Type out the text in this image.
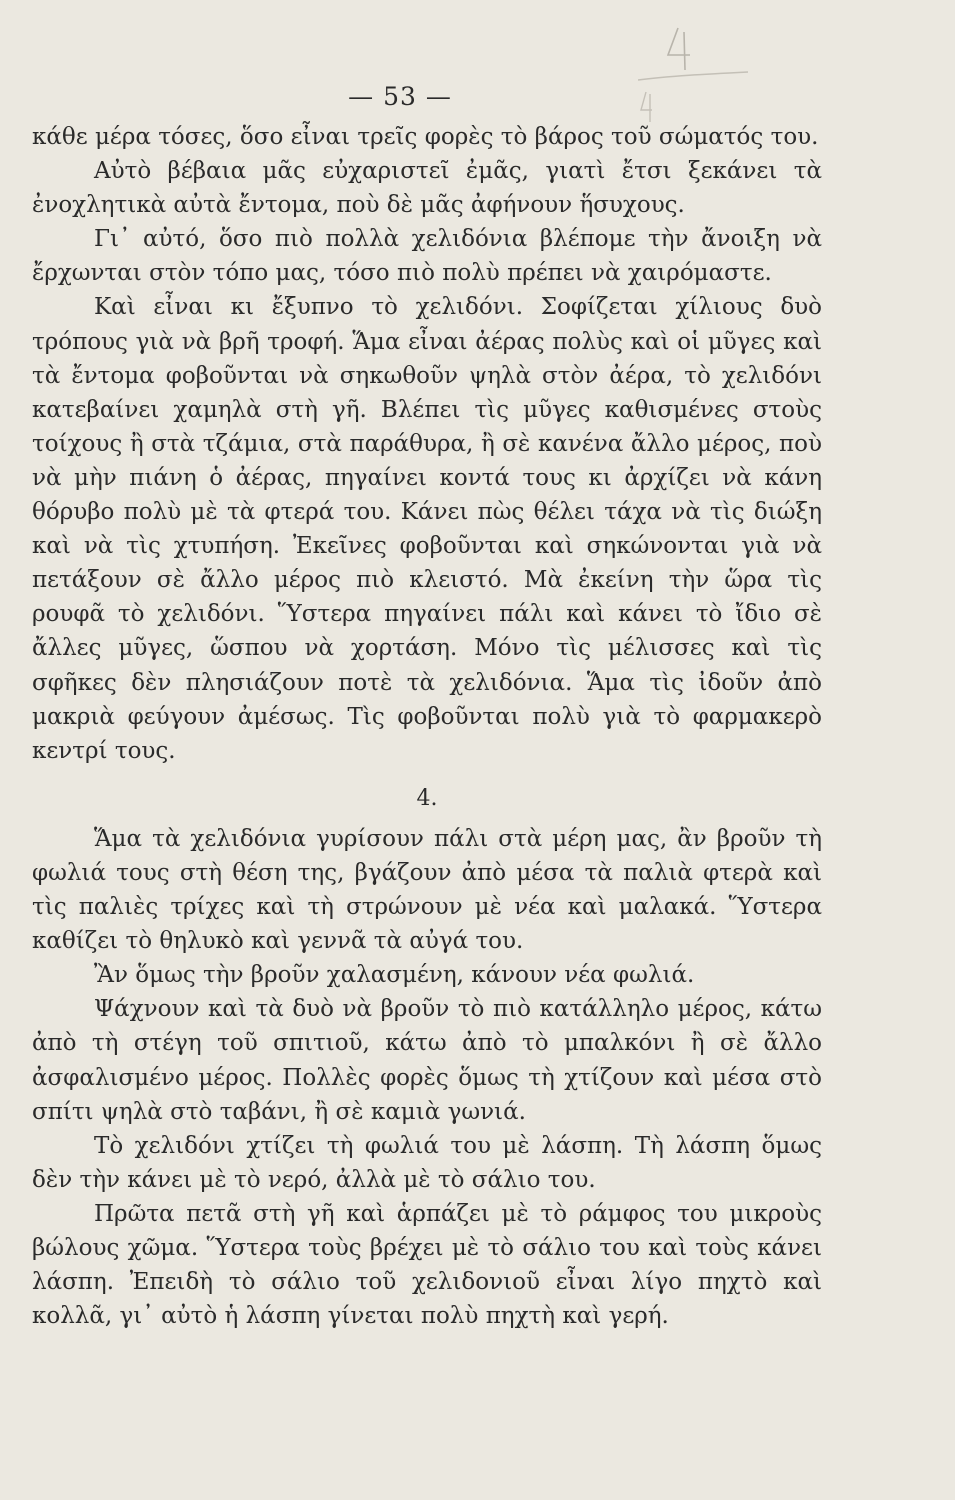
— 53 —

κάθε μέρα τόσες, ὅσο εἶναι τρεῖς φορὲς τὸ βάρος τοῦ σώματός του.

Αὐτὸ βέβαια μᾶς εὐχαριστεῖ ἐμᾶς, γιατὶ ἔτσι ξεκάνει τὰ ἐνοχλητικὰ αὐτὰ ἔντομα, ποὺ δὲ μᾶς ἀφήνουν ἥσυχους.

Γι᾽ αὐτό, ὅσο πιὸ πολλὰ χελιδόνια βλέπομε τὴν ἄνοιξη νὰ ἔρχωνται στὸν τόπο μας, τόσο πιὸ πολὺ πρέπει νὰ χαιρόμαστε.

Καὶ εἶναι κι ἔξυπνο τὸ χελιδόνι. Σοφίζεται χίλιους δυὸ τρόπους γιὰ νὰ βρῆ τροφή. Ἅμα εἶναι ἀέρας πολὺς καὶ οἱ μῦγες καὶ τὰ ἔντομα φοβοῦνται νὰ σηκωθοῦν ψηλὰ στὸν ἀέρα, τὸ χελιδόνι κατεβαίνει χαμηλὰ στὴ γῆ. Βλέπει τὶς μῦγες καθισμένες στοὺς τοίχους ἢ στὰ τζάμια, στὰ παράθυρα, ἢ σὲ κανένα ἄλλο μέρος, ποὺ νὰ μὴν πιάνη ὁ ἀέρας, πηγαίνει κοντά τους κι ἀρχίζει νὰ κάνη θόρυβο πολὺ μὲ τὰ φτερά του. Κάνει πὼς θέλει τάχα νὰ τὶς διώξη καὶ νὰ τὶς χτυπήση. Ἐκεῖνες φοβοῦνται καὶ σηκώνονται γιὰ νὰ πετάξουν σὲ ἄλλο μέρος πιὸ κλειστό. Μὰ ἐκείνη τὴν ὥρα τὶς ρουφᾶ τὸ χελιδόνι. Ὕστερα πηγαίνει πάλι καὶ κάνει τὸ ἴδιο σὲ ἄλλες μῦγες, ὥσπου νὰ χορτάση. Μόνο τὶς μέλισσες καὶ τὶς σφῆκες δὲν πλησιάζουν ποτὲ τὰ χελιδόνια. Ἅμα τὶς ἰδοῦν ἀπὸ μακριὰ φεύγουν ἀμέσως. Τὶς φοβοῦνται πολὺ γιὰ τὸ φαρμακερὸ κεντρί τους.

4.

Ἅμα τὰ χελιδόνια γυρίσουν πάλι στὰ μέρη μας, ἂν βροῦν τὴ φωλιά τους στὴ θέση της, βγάζουν ἀπὸ μέσα τὰ παλιὰ φτερὰ καὶ τὶς παλιὲς τρίχες καὶ τὴ στρώνουν μὲ νέα καὶ μαλακά. Ὕστερα καθίζει τὸ θηλυκὸ καὶ γεννᾶ τὰ αὐγά του.

Ἂν ὅμως τὴν βροῦν χαλασμένη, κάνουν νέα φωλιά.

Ψάχνουν καὶ τὰ δυὸ νὰ βροῦν τὸ πιὸ κατάλληλο μέρος, κάτω ἀπὸ τὴ στέγη τοῦ σπιτιοῦ, κάτω ἀπὸ τὸ μπαλκόνι ἢ σὲ ἄλλο ἀσφαλισμένο μέρος. Πολλὲς φορὲς ὅμως τὴ χτίζουν καὶ μέσα στὸ σπίτι ψηλὰ στὸ ταβάνι, ἢ σὲ καμιὰ γωνιά.

Τὸ χελιδόνι χτίζει τὴ φωλιά του μὲ λάσπη. Τὴ λάσπη ὅμως δὲν τὴν κάνει μὲ τὸ νερό, ἀλλὰ μὲ τὸ σάλιο του.

Πρῶτα πετᾶ στὴ γῆ καὶ ἁρπάζει μὲ τὸ ράμφος του μικροὺς βώλους χῶμα. Ὕστερα τοὺς βρέχει μὲ τὸ σάλιο του καὶ τοὺς κάνει λάσπη. Ἐπειδὴ τὸ σάλιο τοῦ χελιδονιοῦ εἶναι λίγο πηχτὸ καὶ κολλᾶ, γι᾽ αὐτὸ ἡ λάσπη γίνεται πολὺ πηχτὴ καὶ γερή.
